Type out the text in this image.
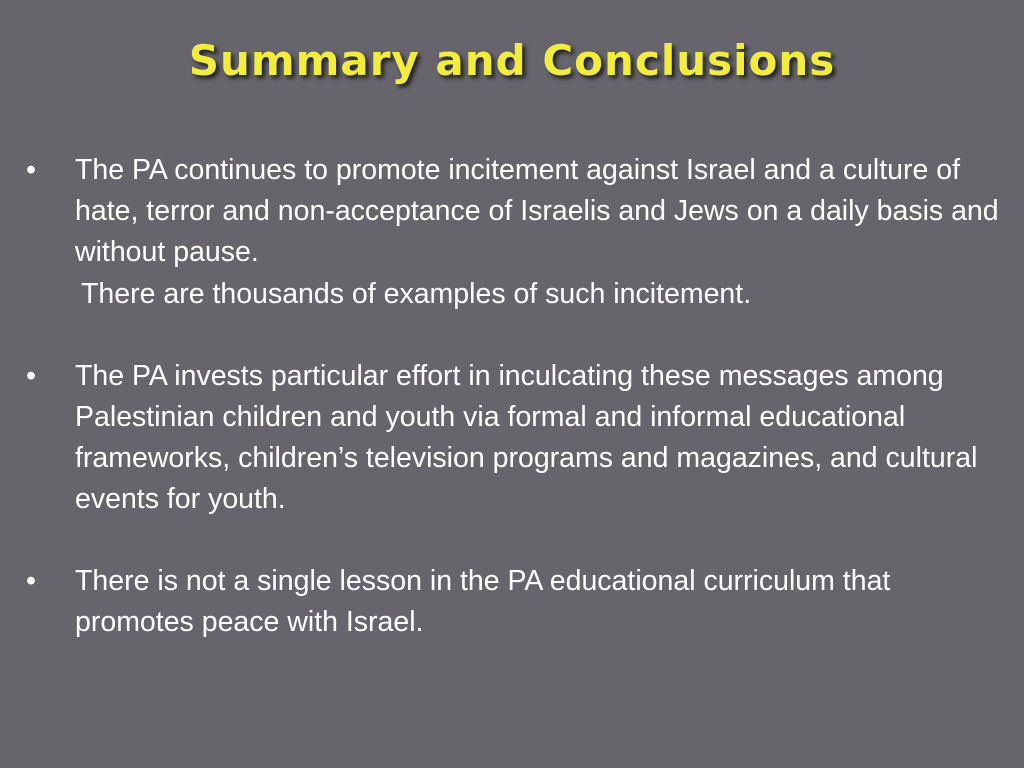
Summary and Conclusions
• The PA continues to promote incitement against Israel and a culture of hate, terror and non-acceptance of Israelis and Jews on a daily basis and without pause.
There are thousands of examples of such incitement.
• The PA invests particular effort in inculcating these messages among Palestinian children and youth via formal and informal educational frameworks, children’s television programs and magazines, and cultural events for youth.
• There is not a single lesson in the PA educational curriculum that promotes peace with Israel.
